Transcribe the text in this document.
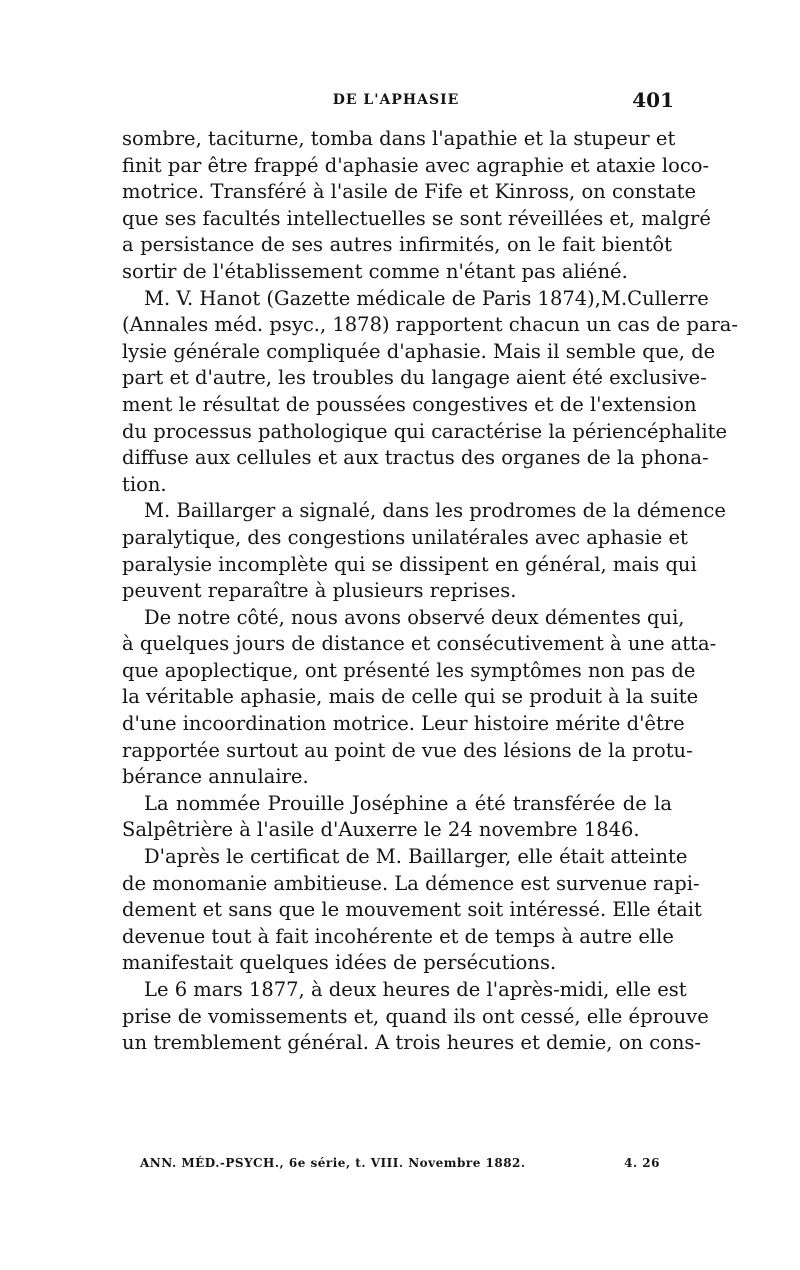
DE L'APHASIE	401
sombre, taciturne, tomba dans l'apathie et la stupeur et
finit par être frappé d'aphasie avec agraphie et ataxie loco-
motrice. Transféré à l'asile de Fife et Kinross, on constate
que ses facultés intellectuelles se sont réveillées et, malgré
a persistance de ses autres infirmités, on le fait bientôt
sortir de l'établissement comme n'étant pas aliéné.
M. V. Hanot (Gazette médicale de Paris 1874),M.Cullerre
(Annales méd. psyc., 1878) rapportent chacun un cas de para-
lysie générale compliquée d'aphasie. Mais il semble que, de
part et d'autre, les troubles du langage aient été exclusive-
ment le résultat de poussées congestives et de l'extension
du processus pathologique qui caractérise la périencéphalite
diffuse aux cellules et aux tractus des organes de la phona-
tion.
M. Baillarger a signalé, dans les prodromes de la démence
paralytique, des congestions unilatérales avec aphasie et
paralysie incomplète qui se dissipent en général, mais qui
peuvent reparaître à plusieurs reprises.
De notre côté, nous avons observé deux démentes qui,
à quelques jours de distance et consécutivement à une atta-
que apoplectique, ont présenté les symptômes non pas de
la véritable aphasie, mais de celle qui se produit à la suite
d'une incoordination motrice. Leur histoire mérite d'être
rapportée surtout au point de vue des lésions de la protu-
bérance annulaire.
La nommée Prouille Joséphine a été transférée de la
Salpêtrière à l'asile d'Auxerre le 24 novembre 1846.
D'après le certificat de M. Baillarger, elle était atteinte
de monomanie ambitieuse. La démence est survenue rapi-
dement et sans que le mouvement soit intéressé. Elle était
devenue tout à fait incohérente et de temps à autre elle
manifestait quelques idées de persécutions.
Le 6 mars 1877, à deux heures de l'après-midi, elle est
prise de vomissements et, quand ils ont cessé, elle éprouve
un tremblement général. A trois heures et demie, on cons-
ANN. MÉD.-PSYCH., 6e série, t. VIII. Novembre 1882.	4. 26
